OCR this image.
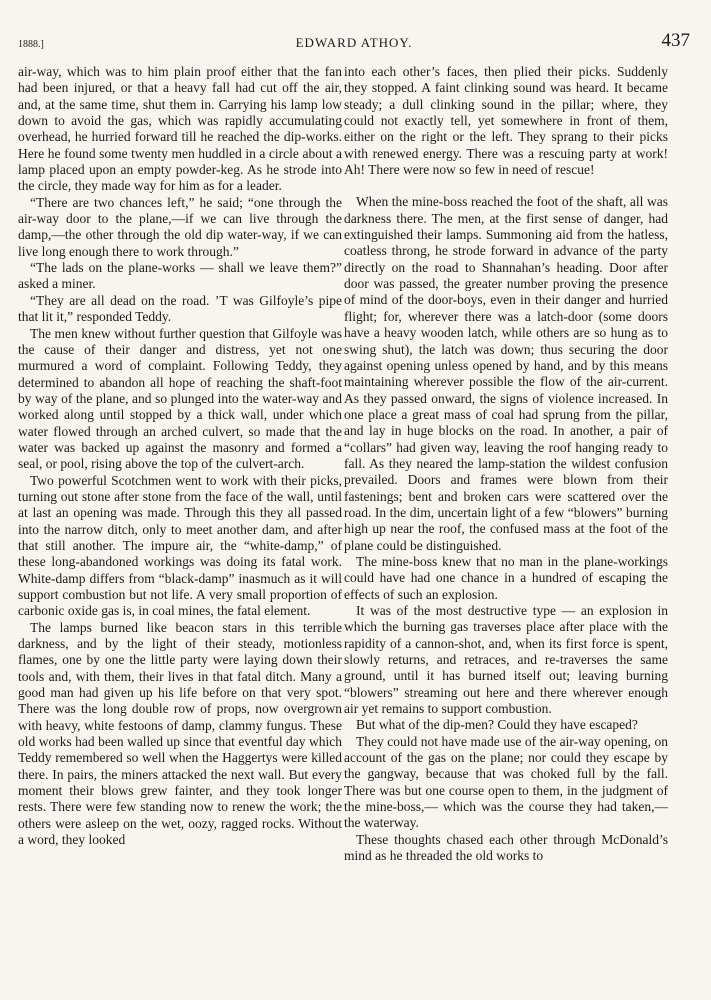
1888.]	EDWARD ATHOY.	437

air-way, which was to him plain proof either that the fan had been injured, or that a heavy fall had cut off the air, and, at the same time, shut them in. Carrying his lamp low down to avoid the gas, which was rapidly accumulating overhead, he hurried forward till he reached the dip-works. Here he found some twenty men huddled in a circle about a lamp placed upon an empty powder-keg. As he strode into the circle, they made way for him as for a leader.

“There are two chances left,” he said; “one through the air-way door to the plane,—if we can live through the damp,—the other through the old dip water-way, if we can live long enough there to work through.”

“The lads on the plane-works — shall we leave them?” asked a miner.

“They are all dead on the road. ’T was Gilfoyle’s pipe that lit it,” responded Teddy.

The men knew without further question that Gilfoyle was the cause of their danger and distress, yet not one murmured a word of complaint. Following Teddy, they determined to abandon all hope of reaching the shaft-foot by way of the plane, and so plunged into the water-way and worked along until stopped by a thick wall, under which water flowed through an arched culvert, so made that the water was backed up against the masonry and formed a seal, or pool, rising above the top of the culvert-arch.

Two powerful Scotchmen went to work with their picks, turning out stone after stone from the face of the wall, until at last an opening was made. Through this they all passed into the narrow ditch, only to meet another dam, and after that still another. The impure air, the “white-damp,” of these long-abandoned workings was doing its fatal work. White-damp differs from “black-damp” inasmuch as it will support combustion but not life. A very small proportion of carbonic oxide gas is, in coal mines, the fatal element.

The lamps burned like beacon stars in this terrible darkness, and by the light of their steady, motionless flames, one by one the little party were laying down their tools and, with them, their lives in that fatal ditch. Many a good man had given up his life before on that very spot. There was the long double row of props, now overgrown with heavy, white festoons of damp, clammy fungus. These old works had been walled up since that eventful day which Teddy remembered so well when the Haggertys were killed there. In pairs, the miners attacked the next wall. But every moment their blows grew fainter, and they took longer rests. There were few standing now to renew the work; the others were asleep on the wet, oozy, ragged rocks. Without a word, they looked

into each other’s faces, then plied their picks. Suddenly they stopped. A faint clinking sound was heard. It became steady; a dull clinking sound in the pillar; where, they could not exactly tell, yet somewhere in front of them, either on the right or the left. They sprang to their picks with renewed energy. There was a rescuing party at work! Ah! There were now so few in need of rescue!

When the mine-boss reached the foot of the shaft, all was darkness there. The men, at the first sense of danger, had extinguished their lamps. Summoning aid from the hatless, coatless throng, he strode forward in advance of the party directly on the road to Shannahan’s heading. Door after door was passed, the greater number proving the presence of mind of the door-boys, even in their danger and hurried flight; for, wherever there was a latch-door (some doors have a heavy wooden latch, while others are so hung as to swing shut), the latch was down; thus securing the door against opening unless opened by hand, and by this means maintaining wherever possible the flow of the air-current. As they passed onward, the signs of violence increased. In one place a great mass of coal had sprung from the pillar, and lay in huge blocks on the road. In another, a pair of “collars” had given way, leaving the roof hanging ready to fall. As they neared the lamp-station the wildest confusion prevailed. Doors and frames were blown from their fastenings; bent and broken cars were scattered over the road. In the dim, uncertain light of a few “blowers” burning high up near the roof, the confused mass at the foot of the plane could be distinguished.

The mine-boss knew that no man in the plane-workings could have had one chance in a hundred of escaping the effects of such an explosion.

It was of the most destructive type — an explosion in which the burning gas traverses place after place with the rapidity of a cannon-shot, and, when its first force is spent, slowly returns, and retraces, and re-traverses the same ground, until it has burned itself out; leaving burning “blowers” streaming out here and there wherever enough air yet remains to support combustion.

But what of the dip-men? Could they have escaped?

They could not have made use of the air-way opening, on account of the gas on the plane; nor could they escape by the gangway, because that was choked full by the fall. There was but one course open to them, in the judgment of the mine-boss,— which was the course they had taken,— the waterway.

These thoughts chased each other through McDonald’s mind as he threaded the old works to
